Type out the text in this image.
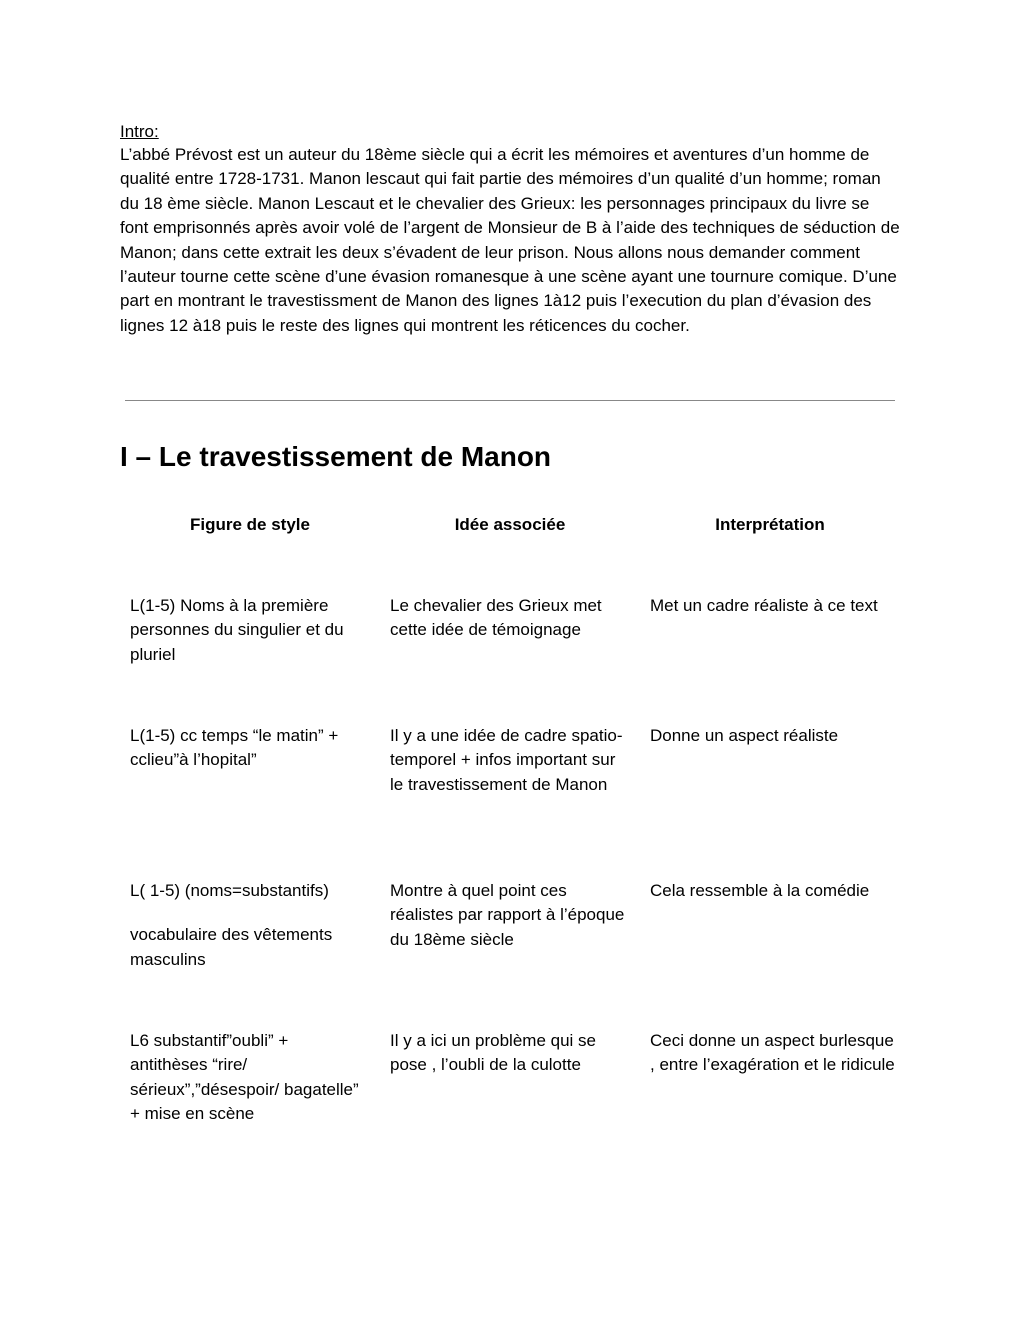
Intro:

L’abbé Prévost est un auteur du 18ème siècle qui a écrit les mémoires et aventures d’un homme de qualité entre 1728-1731. Manon lescaut qui fait partie des mémoires d’un qualité d’un homme; roman du 18 ème siècle. Manon Lescaut et le chevalier des Grieux: les personnages principaux du livre se font emprisonnés après avoir volé de l’argent de Monsieur de B à l’aide des techniques de séduction de Manon; dans cette extrait les deux s’évadent de leur prison. Nous allons nous demander comment l’auteur tourne cette scène d’une évasion romanesque à une scène ayant une tournure comique. D’une part en montrant le travestissment de Manon des lignes 1à12 puis l’execution du plan d’évasion des lignes 12 à18 puis le reste des lignes qui montrent les réticences du cocher.

I – Le travestissement de Manon
Figure de style	Idée associée	Interprétation

L(1-5) Noms à la première personnes du singulier et du pluriel

Le chevalier des Grieux met cette idée de témoignage

Met un cadre réaliste à ce text

L(1-5) cc temps “le matin” + cclieu”à l’hopital”

Il y a une idée de cadre spatio-temporel + infos important sur le travestissement de Manon

Donne un aspect réaliste

L( 1-5) (noms=substantifs)

vocabulaire des vêtements masculins

Montre à quel point ces réalistes par rapport à l’époque du 18ème siècle

Cela ressemble à la comédie

L6 substantif”oubli” + antithèses “rire/ sérieux”,”désespoir/ bagatelle” + mise en scène

Il y a ici un problème qui se pose , l’oubli de la culotte

Ceci donne un aspect burlesque , entre l’exagération et le ridicule
